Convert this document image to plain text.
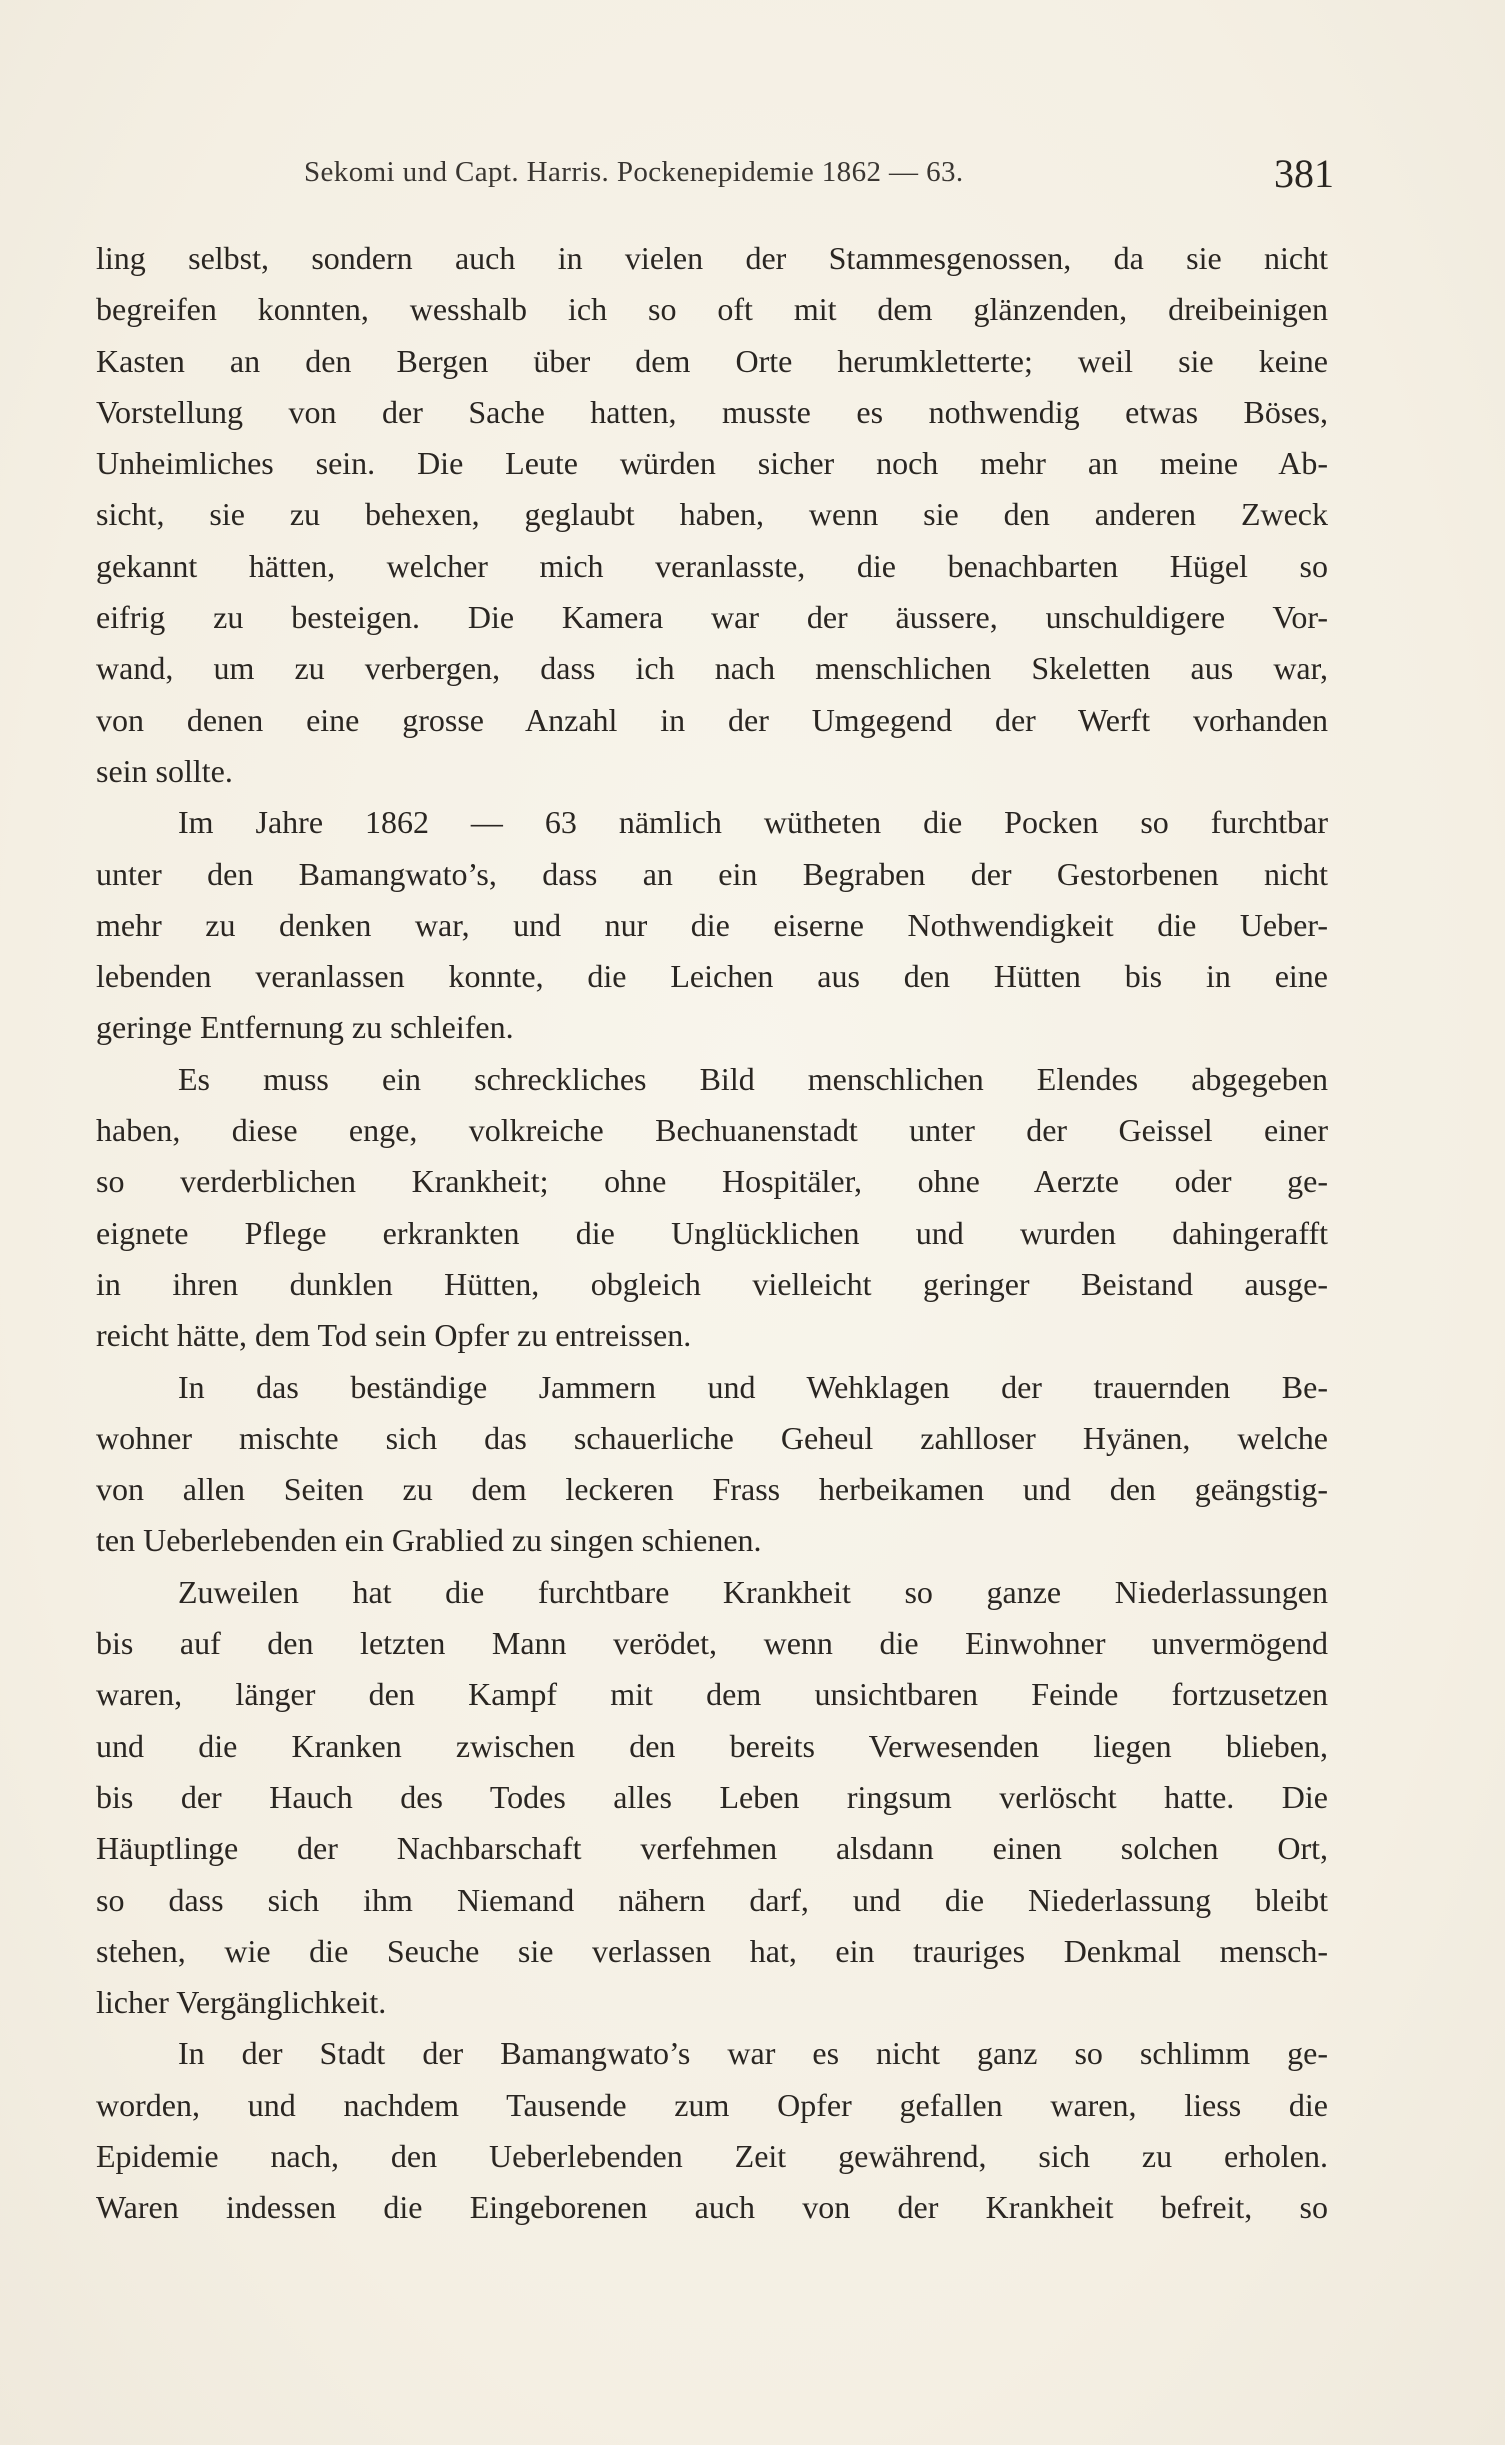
Sekomi und Capt. Harris. Pockenepidemie 1862 — 63.	381
ling selbst, sondern auch in vielen der Stammesgenossen, da sie nicht
begreifen konnten, wesshalb ich so oft mit dem glänzenden, dreibeinigen
Kasten an den Bergen über dem Orte herumkletterte; weil sie keine
Vorstellung von der Sache hatten, musste es nothwendig etwas Böses,
Unheimliches sein. Die Leute würden sicher noch mehr an meine Ab-
sicht, sie zu behexen, geglaubt haben, wenn sie den anderen Zweck
gekannt hätten, welcher mich veranlasste, die benachbarten Hügel so
eifrig zu besteigen. Die Kamera war der äussere, unschuldigere Vor-
wand, um zu verbergen, dass ich nach menschlichen Skeletten aus war,
von denen eine grosse Anzahl in der Umgegend der Werft vorhanden
sein sollte.
Im Jahre 1862 — 63 nämlich wütheten die Pocken so furchtbar
unter den Bamangwato’s, dass an ein Begraben der Gestorbenen nicht
mehr zu denken war, und nur die eiserne Nothwendigkeit die Ueber-
lebenden veranlassen konnte, die Leichen aus den Hütten bis in eine
geringe Entfernung zu schleifen.
Es muss ein schreckliches Bild menschlichen Elendes abgegeben
haben, diese enge, volkreiche Bechuanenstadt unter der Geissel einer
so verderblichen Krankheit; ohne Hospitäler, ohne Aerzte oder ge-
eignete Pflege erkrankten die Unglücklichen und wurden dahingerafft
in ihren dunklen Hütten, obgleich vielleicht geringer Beistand ausge-
reicht hätte, dem Tod sein Opfer zu entreissen.
In das beständige Jammern und Wehklagen der trauernden Be-
wohner mischte sich das schauerliche Geheul zahlloser Hyänen, welche
von allen Seiten zu dem leckeren Frass herbeikamen und den geängstig-
ten Ueberlebenden ein Grablied zu singen schienen.
Zuweilen hat die furchtbare Krankheit so ganze Niederlassungen
bis auf den letzten Mann verödet, wenn die Einwohner unvermögend
waren, länger den Kampf mit dem unsichtbaren Feinde fortzusetzen
und die Kranken zwischen den bereits Verwesenden liegen blieben,
bis der Hauch des Todes alles Leben ringsum verlöscht hatte. Die
Häuptlinge der Nachbarschaft verfehmen alsdann einen solchen Ort,
so dass sich ihm Niemand nähern darf, und die Niederlassung bleibt
stehen, wie die Seuche sie verlassen hat, ein trauriges Denkmal mensch-
licher Vergänglichkeit.
In der Stadt der Bamangwato’s war es nicht ganz so schlimm ge-
worden, und nachdem Tausende zum Opfer gefallen waren, liess die
Epidemie nach, den Ueberlebenden Zeit gewährend, sich zu erholen.
Waren indessen die Eingeborenen auch von der Krankheit befreit, so
